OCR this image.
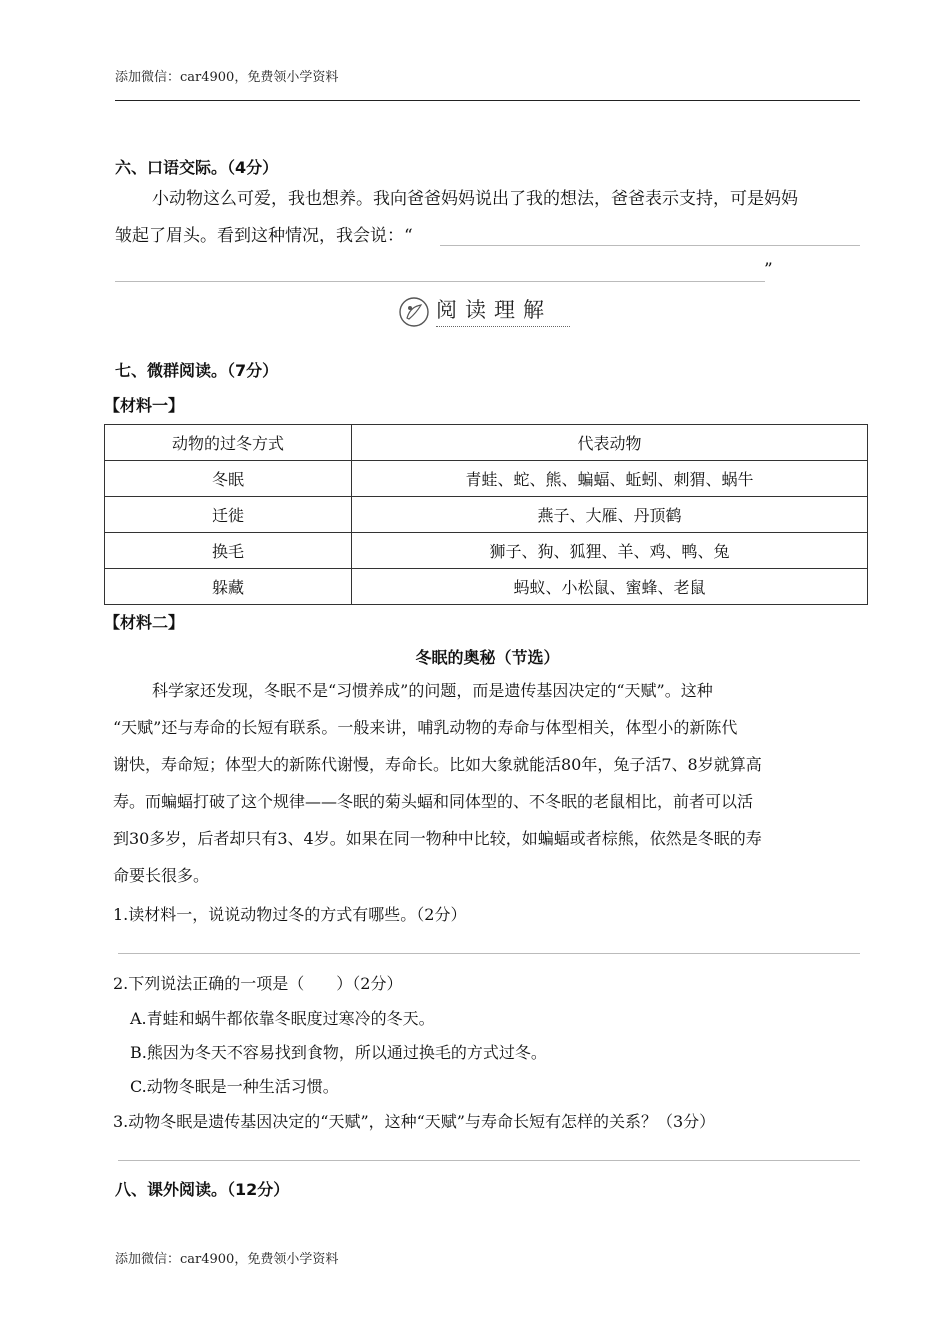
添加微信：car4900，免费领小学资料
六、口语交际。（4分）
小动物这么可爱，我也想养。我向爸爸妈妈说出了我的想法，爸爸表示支持，可是妈妈
皱起了眉头。看到这种情况，我会说：“
”
阅读理解
七、微群阅读。（7分）
【材料一】
动物的过冬方式	代表动物
冬眠	青蛙、蛇、熊、蝙蝠、蚯蚓、刺猬、蜗牛
迁徙	燕子、大雁、丹顶鹤
换毛	狮子、狗、狐狸、羊、鸡、鸭、兔
躲藏	蚂蚁、小松鼠、蜜蜂、老鼠
【材料二】
冬眠的奥秘（节选）
科学家还发现，冬眠不是“习惯养成”的问题，而是遗传基因决定的“天赋”。这种
“天赋”还与寿命的长短有联系。一般来讲，哺乳动物的寿命与体型相关，体型小的新陈代
谢快，寿命短；体型大的新陈代谢慢，寿命长。比如大象就能活80年，兔子活7、8岁就算高
寿。而蝙蝠打破了这个规律——冬眠的菊头蝠和同体型的、不冬眠的老鼠相比，前者可以活
到30多岁，后者却只有3、4岁。如果在同一物种中比较，如蝙蝠或者棕熊，依然是冬眠的寿
命要长很多。
1.读材料一，说说动物过冬的方式有哪些。（2分）
2.下列说法正确的一项是（　　）（2分）
A.青蛙和蜗牛都依靠冬眠度过寒冷的冬天。
B.熊因为冬天不容易找到食物，所以通过换毛的方式过冬。
C.动物冬眠是一种生活习惯。
3.动物冬眠是遗传基因决定的“天赋”，这种“天赋”与寿命长短有怎样的关系？（3分）
八、课外阅读。（12分）
添加微信：car4900，免费领小学资料
